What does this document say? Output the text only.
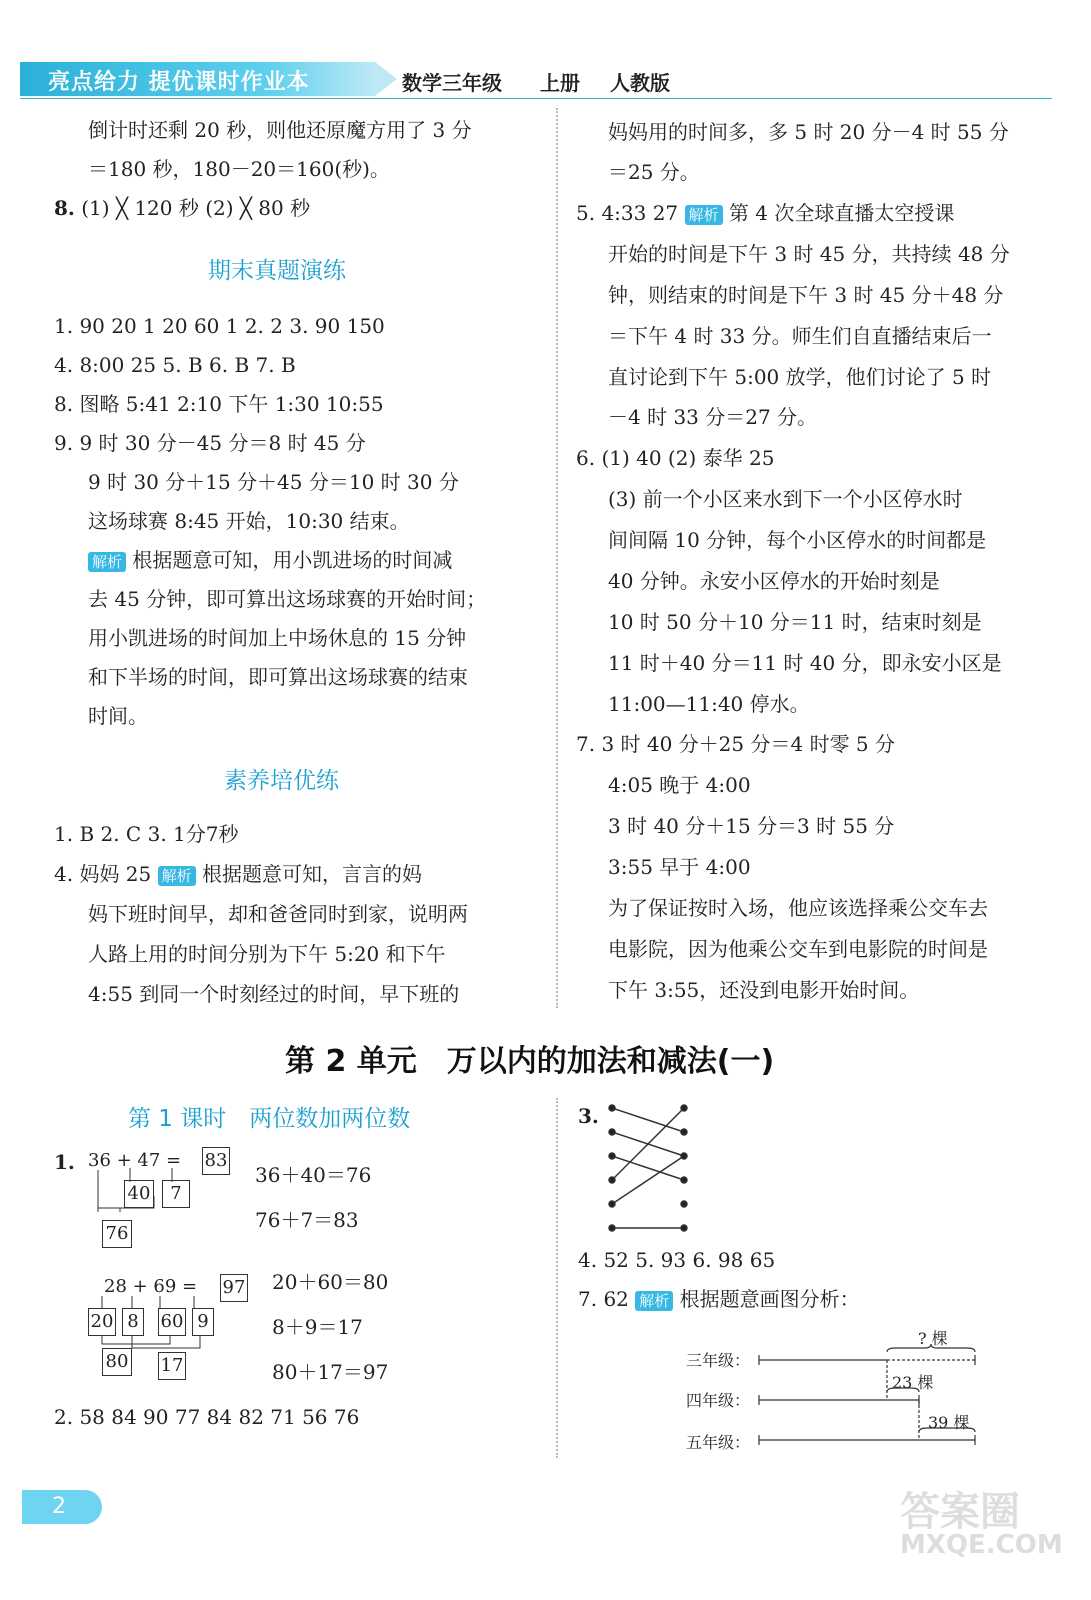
亮点给力 提优课时作业本	数学三年级 上册 人教版
倒计时还剩 20 秒，则他还原魔方用了 3 分
＝180 秒，180－20＝160(秒)。
8. (1) ╳ 120 秒 (2) ╳ 80 秒
期末真题演练
1. 90 20 1 20 60 1 2. 2 3. 90 150
4. 8:00 25 5. B 6. B 7. B
8. 图略 5:41 2:10 下午 1:30 10:55
9. 9 时 30 分－45 分＝8 时 45 分
9 时 30 分＋15 分＋45 分＝10 时 30 分
这场球赛 8:45 开始，10:30 结束。
解析 根据题意可知，用小凯进场的时间减
去 45 分钟，即可算出这场球赛的开始时间；
用小凯进场的时间加上中场休息的 15 分钟
和下半场的时间，即可算出这场球赛的结束
时间。
素养培优练
1. B 2. C 3. 1分7秒
4. 妈妈 25 解析 根据题意可知，言言的妈
妈下班时间早，却和爸爸同时到家，说明两
人路上用的时间分别为下午 5:20 和下午
4:55 到同一个时刻经过的时间，早下班的
妈妈用的时间多，多 5 时 20 分－4 时 55 分
＝25 分。
5. 4:33 27 解析 第 4 次全球直播太空授课
开始的时间是下午 3 时 45 分，共持续 48 分
钟，则结束的时间是下午 3 时 45 分＋48 分
＝下午 4 时 33 分。师生们自直播结束后一
直讨论到下午 5:00 放学，他们讨论了 5 时
－4 时 33 分＝27 分。
6. (1) 40 (2) 泰华 25
(3) 前一个小区来水到下一个小区停水时
间间隔 10 分钟，每个小区停水的时间都是
40 分钟。永安小区停水的开始时刻是
10 时 50 分＋10 分＝11 时，结束时刻是
11 时＋40 分＝11 时 40 分，即永安小区是
11:00—11:40 停水。
7. 3 时 40 分＋25 分＝4 时零 5 分
4:05 晚于 4:00
3 时 40 分＋15 分＝3 时 55 分
3:55 早于 4:00
为了保证按时入场，他应该选择乘公交车去
电影院，因为他乘公交车到电影院的时间是
下午 3:55，还没到电影开始时间。
第 2 单元　万以内的加法和减法(一)
第 1 课时　两位数加两位数
1. 36 + 47 = 83
40	7
76
36＋40＝76
76＋7＝83
28 + 69 = 97
20 8 60 9
80 17
20＋60＝80
8＋9＝17
80＋17＝97
2. 58 84 90 77 84 82 71 56 76
3.
4. 52 5. 93 6. 98 65
7. 62 解析 根据题意画图分析：
三年级：
四年级：
五年级：
? 棵
23 棵
39 棵
2	答案圈
MXQE.COM
